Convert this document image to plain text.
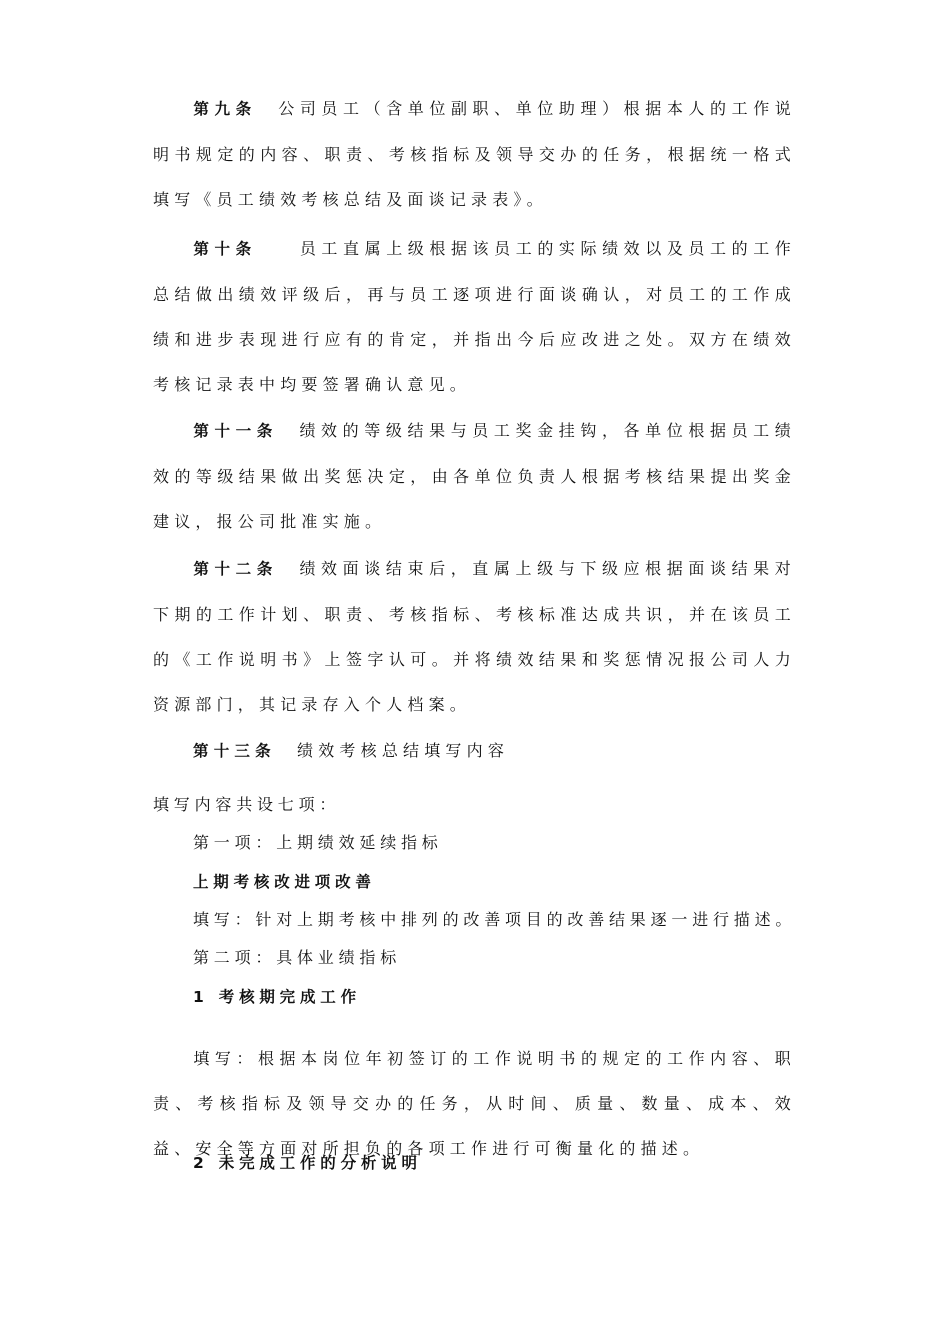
第九条　 公司员工（含单位副职、单位助理）根据本人的工作说明书规定的内容、职责、考核指标及领导交办的任务，根据统一格式填写《员工绩效考核总结及面谈记录表》。

第十条　　	员工直属上级根据该员工的实际绩效以及员工的工作总结做出绩效评级后，再与员工逐项进行面谈确认，对员工的工作成绩和进步表现进行应有的肯定，并指出今后应改进之处。双方在绩效考核记录表中均要签署确认意见。

第十一条　 绩效的等级结果与员工奖金挂钩，各单位根据员工绩效的等级结果做出奖惩决定，由各单位负责人根据考核结果提出奖金建议，报公司批准实施。

第十二条　 绩效面谈结束后，直属上级与下级应根据面谈结果对下期的工作计划、职责、考核指标、考核标准达成共识，并在该员工的《工作说明书》上签字认可。并将绩效结果和奖惩情况报公司人力资源部门，其记录存入个人档案。

第十三条　 绩效考核总结填写内容

填写内容共设七项：

第一项：上期绩效延续指标

上期考核改进项改善

填写：针对上期考核中排列的改善项目的改善结果逐一进行描述。

第二项：具体业绩指标

1 考核期完成工作

填写：根据本岗位年初签订的工作说明书的规定的工作内容、职责、考核指标及领导交办的任务，从时间、质量、数量、成本、效益、安全等方面对所担负的各项工作进行可衡量化的描述。

2 未完成工作的分析说明
